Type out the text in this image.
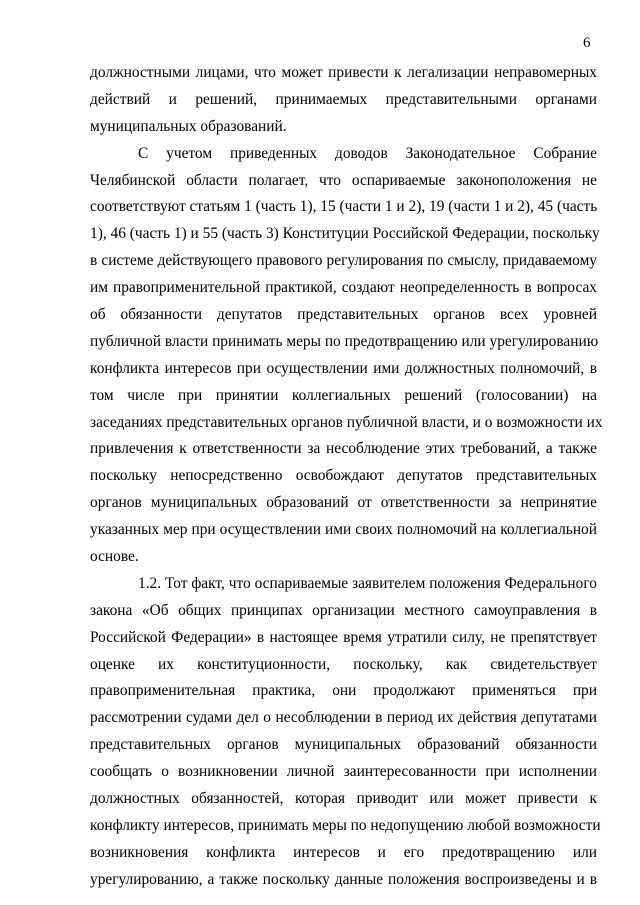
6

должностными лицами, что может привести к легализации неправомерных
действий и решений, принимаемых представительными органами
муниципальных образований.

С учетом приведенных доводов Законодательное Собрание
Челябинской области полагает, что оспариваемые законоположения не
соответствуют статьям 1 (часть 1), 15 (части 1 и 2), 19 (части 1 и 2), 45 (часть
1), 46 (часть 1) и 55 (часть 3) Конституции Российской Федерации, поскольку
в системе действующего правового регулирования по смыслу, придаваемому
им правоприменительной практикой, создают неопределенность в вопросах
об обязанности депутатов представительных органов всех уровней
публичной власти принимать меры по предотвращению или урегулированию
конфликта интересов при осуществлении ими должностных полномочий, в
том числе при принятии коллегиальных решений (голосовании) на
заседаниях представительных органов публичной власти, и о возможности их
привлечения к ответственности за несоблюдение этих требований, а также
поскольку непосредственно освобождают депутатов представительных
органов муниципальных образований от ответственности за непринятие
указанных мер при осуществлении ими своих полномочий на коллегиальной
основе.

1.2. Тот факт, что оспариваемые заявителем положения Федерального
закона «Об общих принципах организации местного самоуправления в
Российской Федерации» в настоящее время утратили силу, не препятствует
оценке их конституционности, поскольку, как свидетельствует
правоприменительная практика, они продолжают применяться при
рассмотрении судами дел о несоблюдении в период их действия депутатами
представительных органов муниципальных образований обязанности
сообщать о возникновении личной заинтересованности при исполнении
должностных обязанностей, которая приводит или может привести к
конфликту интересов, принимать меры по недопущению любой возможности
возникновения конфликта интересов и его предотвращению или
урегулированию, а также поскольку данные положения воспроизведены и в
